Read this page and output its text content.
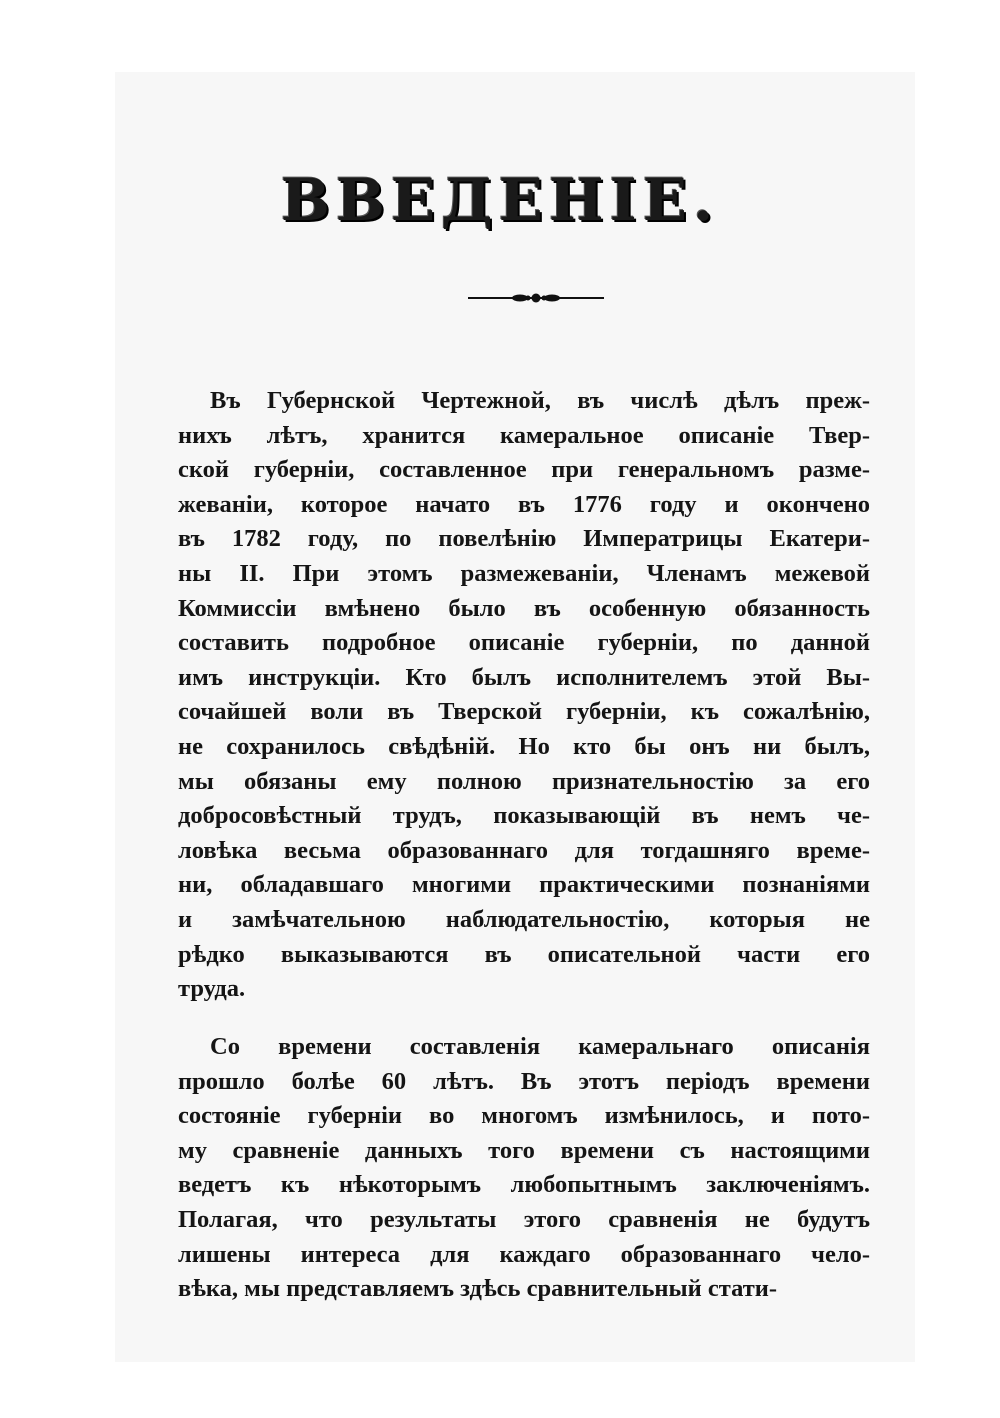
ВВЕДЕНІЕ.
Въ Губернской Чертежной, въ числѣ дѣлъ преж-
нихъ лѣтъ, хранится камеральное описаніе Твер-
ской губерніи, составленное при генеральномъ разме-
жеваніи, которое начато въ 1776 году и окончено
въ 1782 году, по повелѣнію Императрицы Екатери-
ны II. При этомъ размежеваніи, Членамъ межевой
Коммиссіи вмѣнено было въ особенную обязанность
составить подробное описаніе губерніи, по данной
имъ инструкціи. Кто былъ исполнителемъ этой Вы-
сочайшей воли въ Тверской губерніи, къ сожалѣнію,
не сохранилось свѣдѣній. Но кто бы онъ ни былъ,
мы обязаны ему полною признательностію за его
добросовѣстный трудъ, показывающій въ немъ че-
ловѣка весьма образованнаго для тогдашняго време-
ни, обладавшаго многими практическими познаніями
и замѣчательною наблюдательностію, которыя не
рѣдко выказываются въ описательной части его
труда.
Со времени составленія камеральнаго описанія
прошло болѣе 60 лѣтъ. Въ этотъ періодъ времени
состояніе губерніи во многомъ измѣнилось, и пото-
му сравненіе данныхъ того времени съ настоящими
ведетъ къ нѣкоторымъ любопытнымъ заключеніямъ.
Полагая, что результаты этого сравненія не будутъ
лишены интереса для каждаго образованнаго чело-
вѣка, мы представляемъ здѣсь сравнительный стати-
